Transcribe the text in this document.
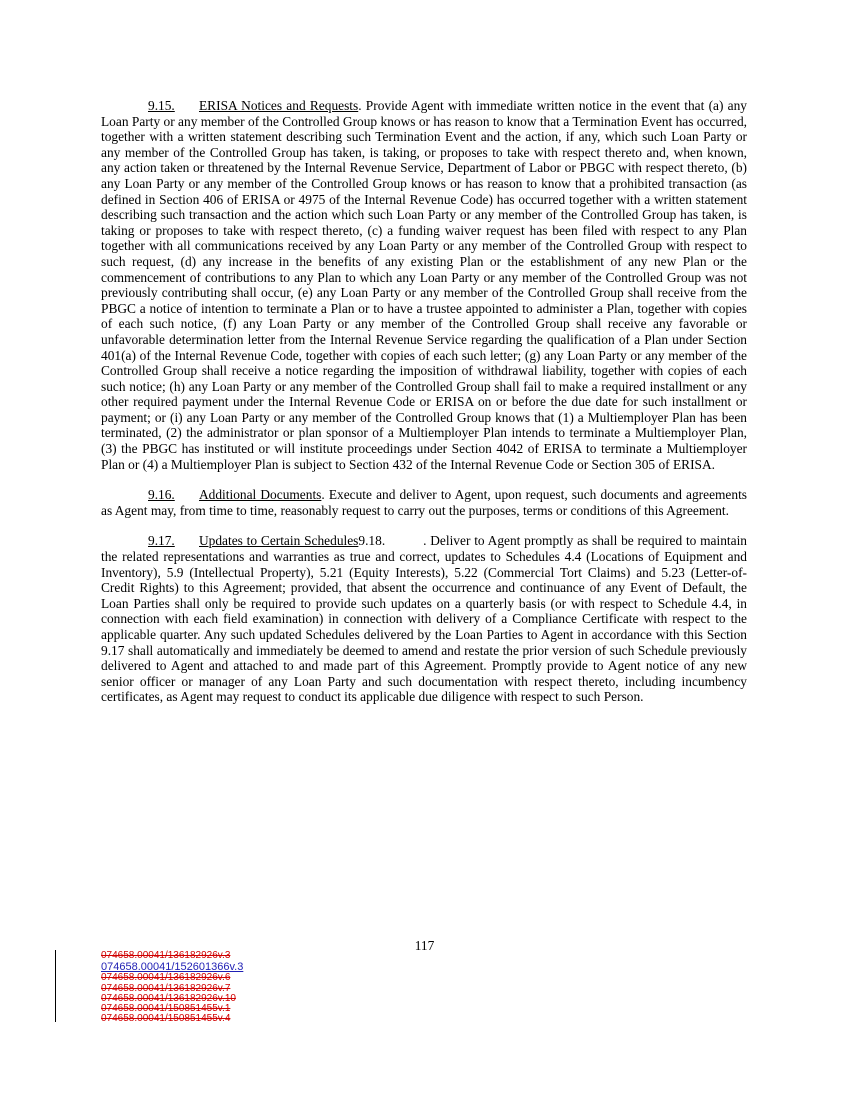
9.15. ERISA Notices and Requests. Provide Agent with immediate written notice in the event that (a) any Loan Party or any member of the Controlled Group knows or has reason to know that a Termination Event has occurred, together with a written statement describing such Termination Event and the action, if any, which such Loan Party or any member of the Controlled Group has taken, is taking, or proposes to take with respect thereto and, when known, any action taken or threatened by the Internal Revenue Service, Department of Labor or PBGC with respect thereto, (b) any Loan Party or any member of the Controlled Group knows or has reason to know that a prohibited transaction (as defined in Section 406 of ERISA or 4975 of the Internal Revenue Code) has occurred together with a written statement describing such transaction and the action which such Loan Party or any member of the Controlled Group has taken, is taking or proposes to take with respect thereto, (c) a funding waiver request has been filed with respect to any Plan together with all communications received by any Loan Party or any member of the Controlled Group with respect to such request, (d) any increase in the benefits of any existing Plan or the establishment of any new Plan or the commencement of contributions to any Plan to which any Loan Party or any member of the Controlled Group was not previously contributing shall occur, (e) any Loan Party or any member of the Controlled Group shall receive from the PBGC a notice of intention to terminate a Plan or to have a trustee appointed to administer a Plan, together with copies of each such notice, (f) any Loan Party or any member of the Controlled Group shall receive any favorable or unfavorable determination letter from the Internal Revenue Service regarding the qualification of a Plan under Section 401(a) of the Internal Revenue Code, together with copies of each such letter; (g) any Loan Party or any member of the Controlled Group shall receive a notice regarding the imposition of withdrawal liability, together with copies of each such notice; (h) any Loan Party or any member of the Controlled Group shall fail to make a required installment or any other required payment under the Internal Revenue Code or ERISA on or before the due date for such installment or payment; or (i) any Loan Party or any member of the Controlled Group knows that (1) a Multiemployer Plan has been terminated, (2) the administrator or plan sponsor of a Multiemployer Plan intends to terminate a Multiemployer Plan, (3) the PBGC has instituted or will institute proceedings under Section 4042 of ERISA to terminate a Multiemployer Plan or (4) a Multiemployer Plan is subject to Section 432 of the Internal Revenue Code or Section 305 of ERISA.

9.16. Additional Documents. Execute and deliver to Agent, upon request, such documents and agreements as Agent may, from time to time, reasonably request to carry out the purposes, terms or conditions of this Agreement.

9.17. Updates to Certain Schedules9.18.          . Deliver to Agent promptly as shall be required to maintain the related representations and warranties as true and correct, updates to Schedules 4.4 (Locations of Equipment and Inventory), 5.9 (Intellectual Property), 5.21 (Equity Interests), 5.22 (Commercial Tort Claims) and 5.23 (Letter-of-Credit Rights) to this Agreement; provided, that absent the occurrence and continuance of any Event of Default, the Loan Parties shall only be required to provide such updates on a quarterly basis (or with respect to Schedule 4.4, in connection with each field examination) in connection with delivery of a Compliance Certificate with respect to the applicable quarter. Any such updated Schedules delivered by the Loan Parties to Agent in accordance with this Section 9.17 shall automatically and immediately be deemed to amend and restate the prior version of such Schedule previously delivered to Agent and attached to and made part of this Agreement. Promptly provide to Agent notice of any new senior officer or manager of any Loan Party and such documentation with respect thereto, including incumbency certificates, as Agent may request to conduct its applicable due diligence with respect to such Person.

117
074658.00041/136182926v.3
074658.00041/152601366v.3
074658.00041/136182926v.6
074658.00041/136182926v.7
074658.00041/136182926v.10
074658.00041/150851455v.1
074658.00041/150851455v.4
